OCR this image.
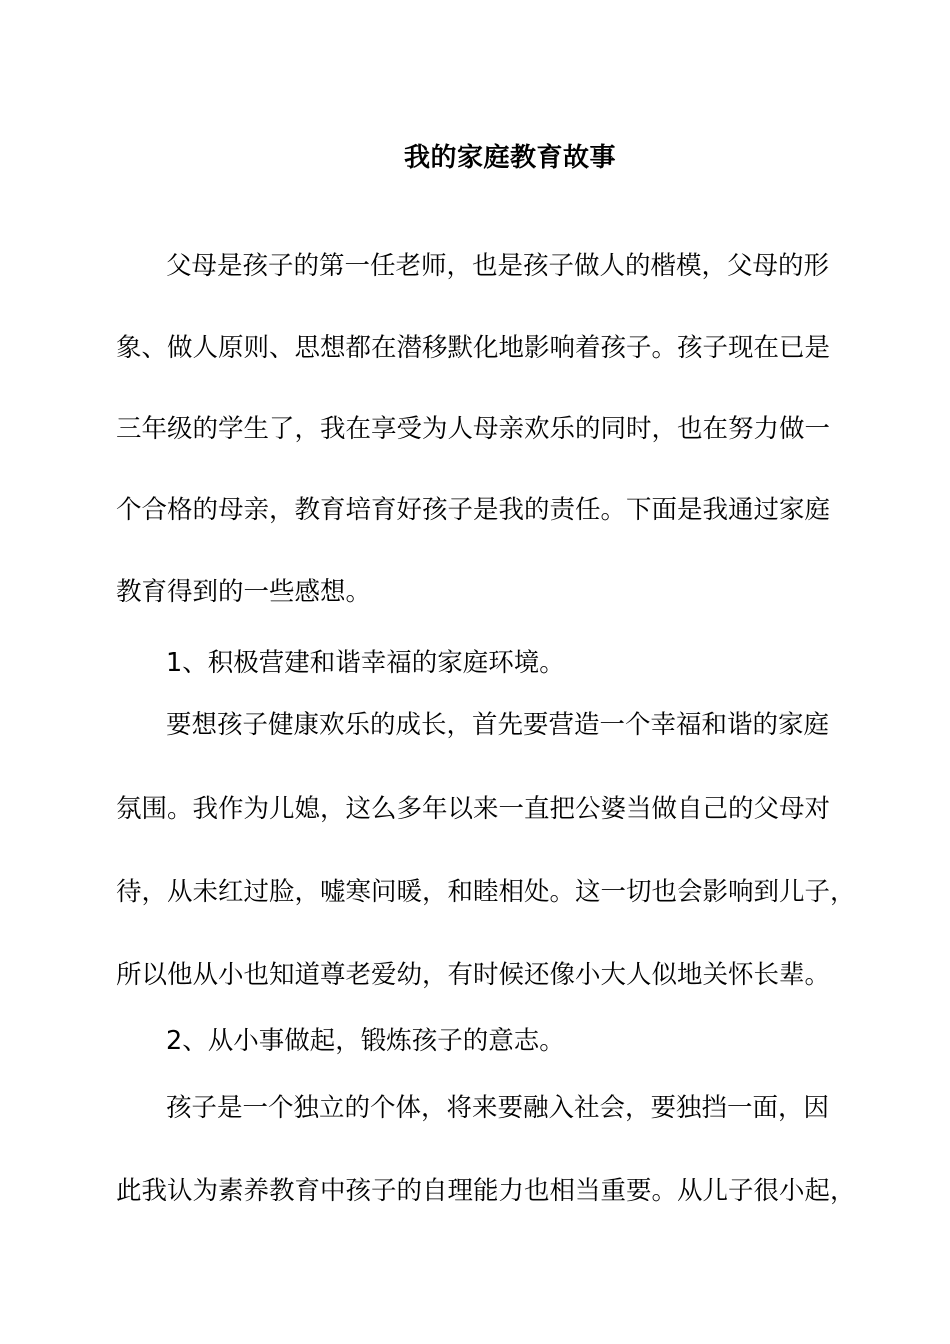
我的家庭教育故事
父母是孩子的第一任老师，也是孩子做人的楷模，父母的形
象、做人原则、思想都在潜移默化地影响着孩子。孩子现在已是
三年级的学生了，我在享受为人母亲欢乐的同时，也在努力做一
个合格的母亲，教育培育好孩子是我的责任。下面是我通过家庭
教育得到的一些感想。
1、积极营建和谐幸福的家庭环境。
要想孩子健康欢乐的成长，首先要营造一个幸福和谐的家庭
氛围。我作为儿媳，这么多年以来一直把公婆当做自己的父母对
待，从未红过脸，嘘寒问暖，和睦相处。这一切也会影响到儿子，
所以他从小也知道尊老爱幼，有时候还像小大人似地关怀长辈。
2、从小事做起，锻炼孩子的意志。
孩子是一个独立的个体，将来要融入社会，要独挡一面，因
此我认为素养教育中孩子的自理能力也相当重要。从儿子很小起，
